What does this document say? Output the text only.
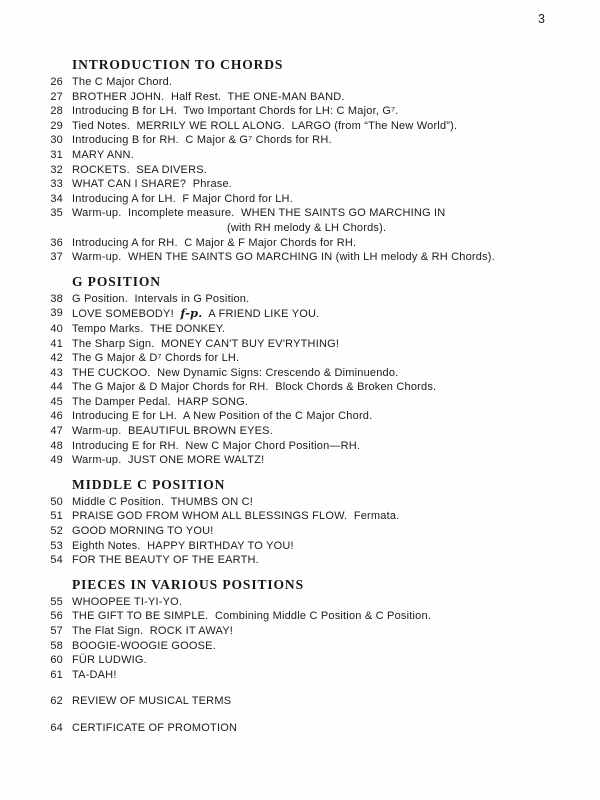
3
INTRODUCTION TO CHORDS
26 The C Major Chord.
27 BROTHER JOHN.  Half Rest.  THE ONE-MAN BAND.
28 Introducing B for LH.  Two Important Chords for LH: C Major, G⁷.
29 Tied Notes.  MERRILY WE ROLL ALONG.  LARGO (from “The New World”).
30 Introducing B for RH.  C Major & G⁷ Chords for RH.
31 MARY ANN.
32 ROCKETS.  SEA DIVERS.
33 WHAT CAN I SHARE?  Phrase.
34 Introducing A for LH.  F Major Chord for LH.
35 Warm-up.  Incomplete measure.  WHEN THE SAINTS GO MARCHING IN
(with RH melody & LH Chords).
36 Introducing A for RH.  C Major & F Major Chords for RH.
37 Warm-up.  WHEN THE SAINTS GO MARCHING IN (with LH melody & RH Chords).
G POSITION
38 G Position.  Intervals in G Position.
39 LOVE SOMEBODY!  f-p.  A FRIEND LIKE YOU.
40 Tempo Marks.  THE DONKEY.
41 The Sharp Sign.  MONEY CAN'T BUY EV'RYTHING!
42 The G Major & D⁷ Chords for LH.
43 THE CUCKOO.  New Dynamic Signs: Crescendo & Diminuendo.
44 The G Major & D Major Chords for RH.  Block Chords & Broken Chords.
45 The Damper Pedal.  HARP SONG.
46 Introducing E for LH.  A New Position of the C Major Chord.
47 Warm-up.  BEAUTIFUL BROWN EYES.
48 Introducing E for RH.  New C Major Chord Position—RH.
49 Warm-up.  JUST ONE MORE WALTZ!
MIDDLE C POSITION
50 Middle C Position.  THUMBS ON C!
51 PRAISE GOD FROM WHOM ALL BLESSINGS FLOW.  Fermata.
52 GOOD MORNING TO YOU!
53 Eighth Notes.  HAPPY BIRTHDAY TO YOU!
54 FOR THE BEAUTY OF THE EARTH.
PIECES IN VARIOUS POSITIONS
55 WHOOPEE TI-YI-YO.
56 THE GIFT TO BE SIMPLE.  Combining Middle C Position & C Position.
57 The Flat Sign.  ROCK IT AWAY!
58 BOOGIE-WOOGIE GOOSE.
60 FÜR LUDWIG.
61 TA-DAH!
62 REVIEW OF MUSICAL TERMS
64 CERTIFICATE OF PROMOTION
